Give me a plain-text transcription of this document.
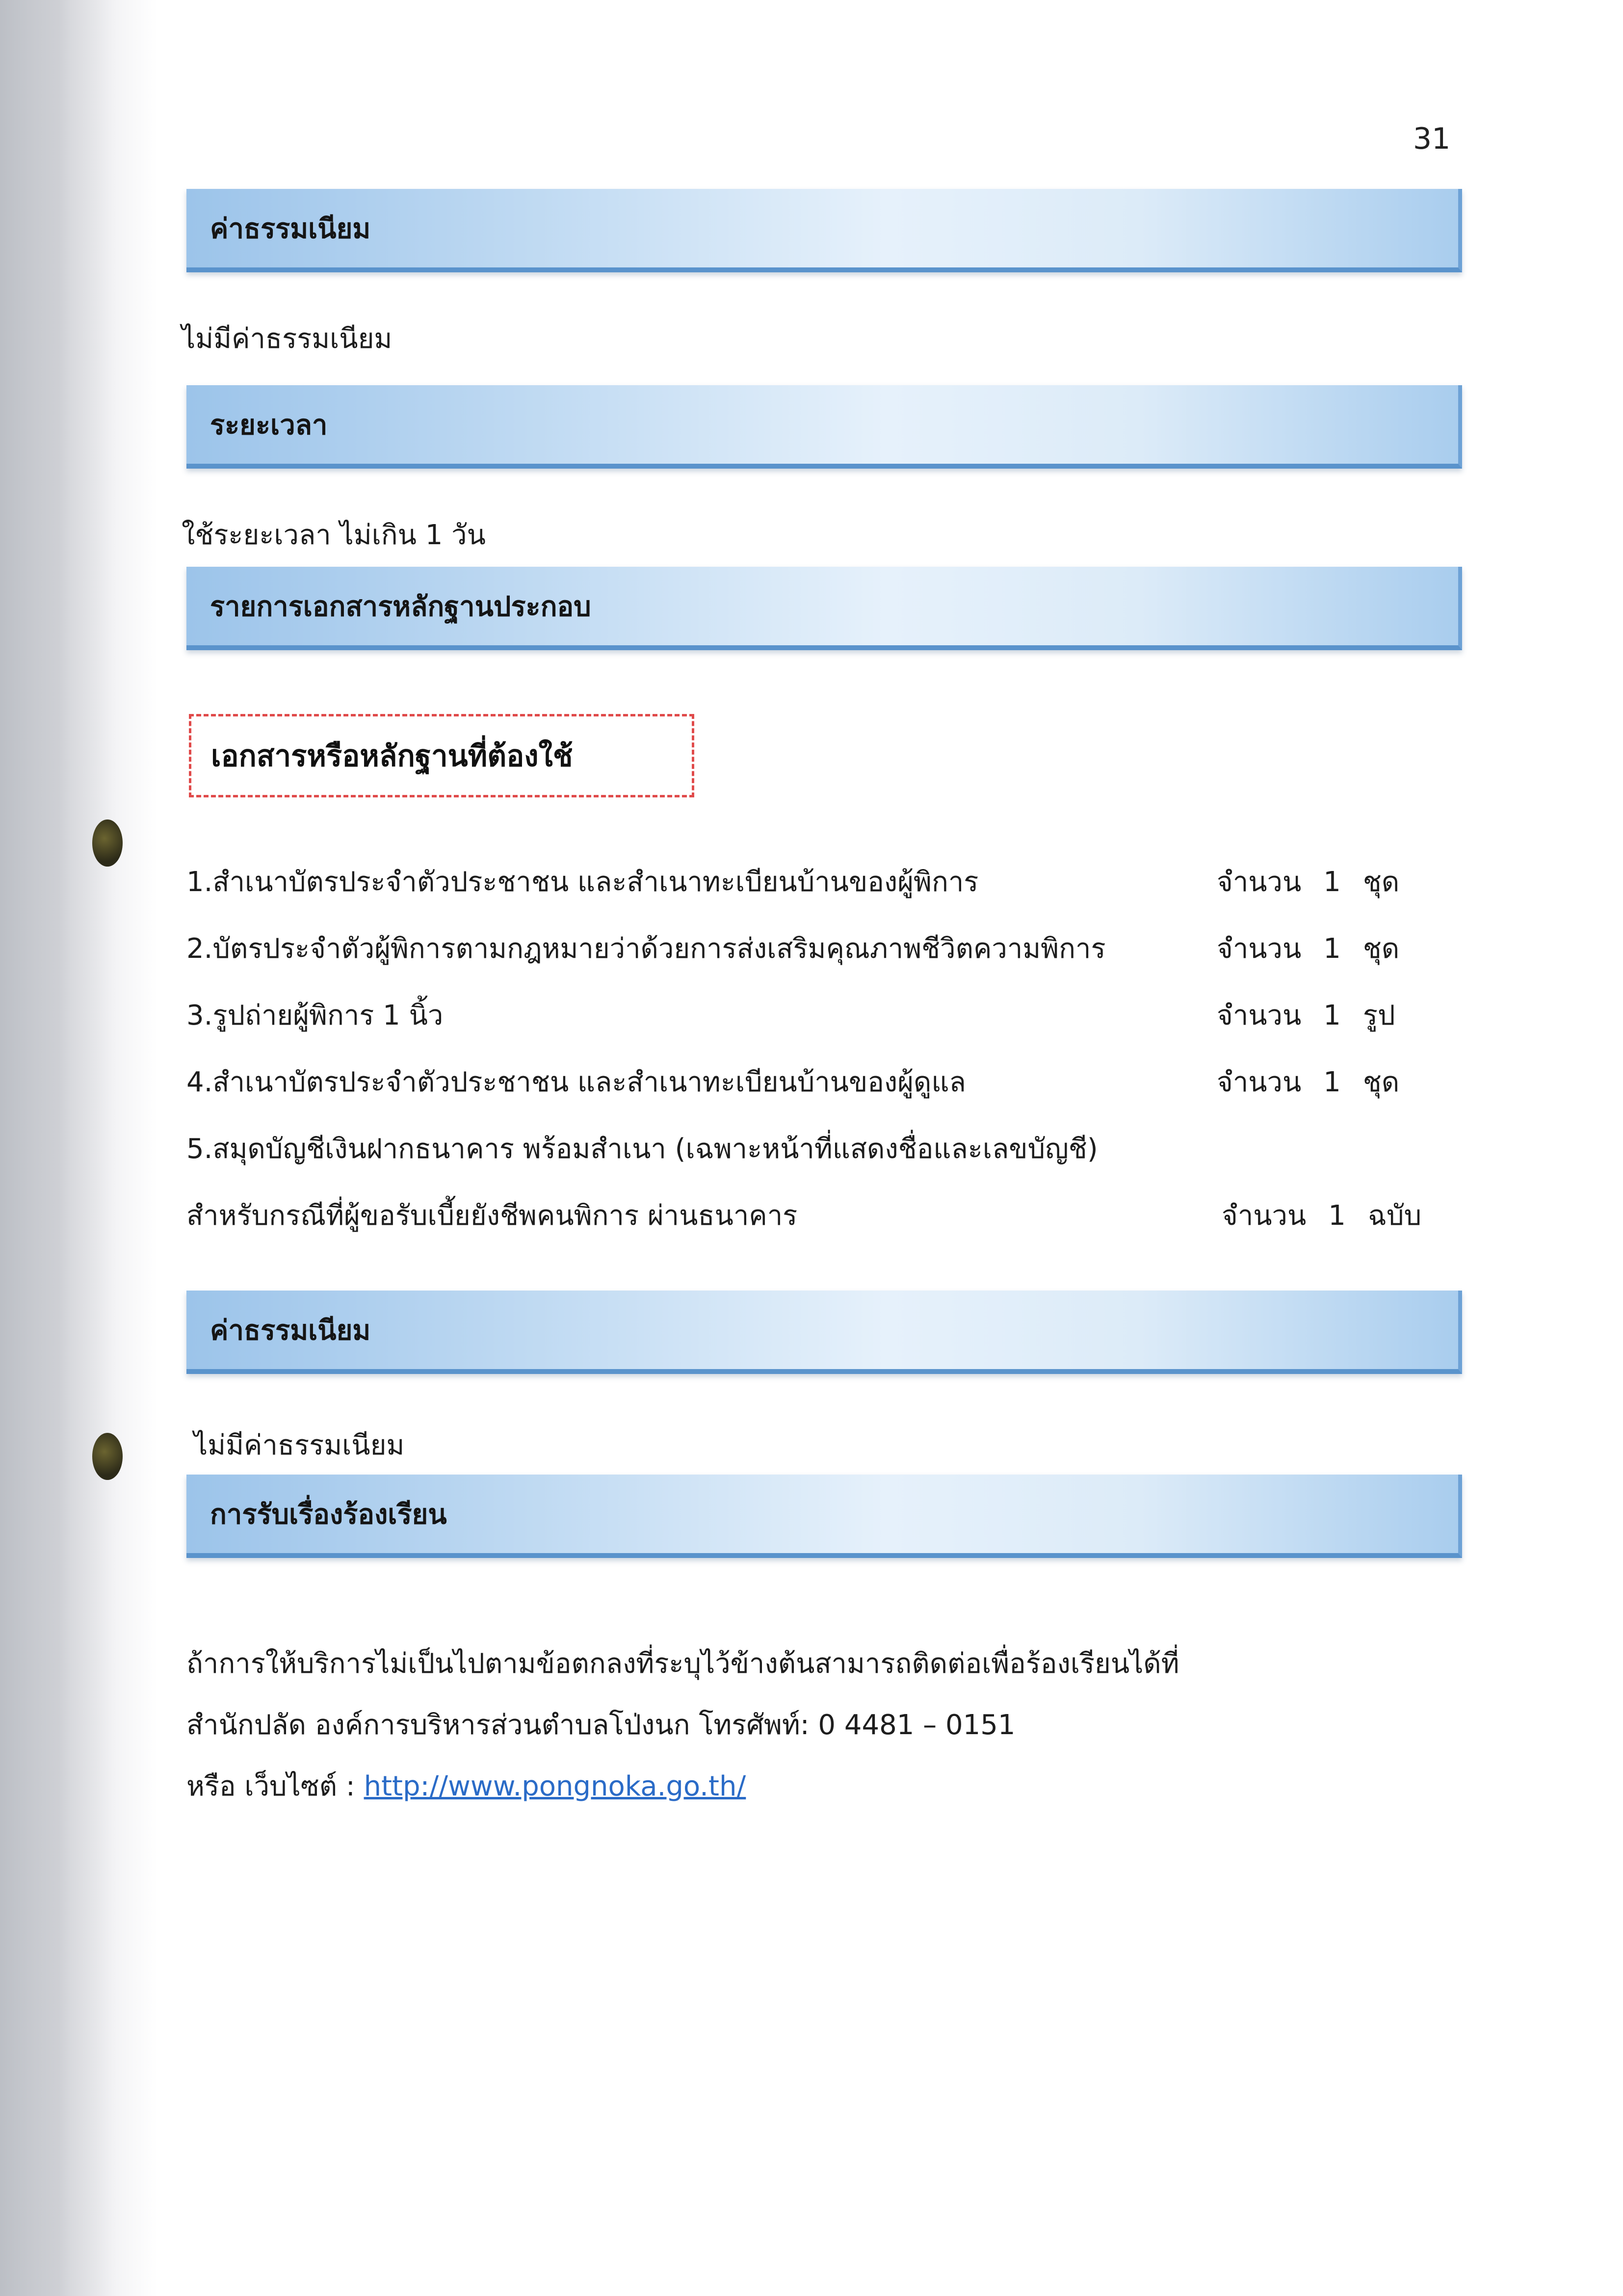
31
ค่าธรรมเนียม
ไม่มีค่าธรรมเนียม
ระยะเวลา
ใช้ระยะเวลา ไม่เกิน 1 วัน
รายการเอกสารหลักฐานประกอบ
เอกสารหรือหลักฐานที่ต้องใช้
1.สำเนาบัตรประจำตัวประชาชน และสำเนาทะเบียนบ้านของผู้พิการ	จำนวน 1 ชุด
2.บัตรประจำตัวผู้พิการตามกฎหมายว่าด้วยการส่งเสริมคุณภาพชีวิตความพิการ	จำนวน 1 ชุด
3.รูปถ่ายผู้พิการ 1 นิ้ว	จำนวน 1 รูป
4.สำเนาบัตรประจำตัวประชาชน และสำเนาทะเบียนบ้านของผู้ดูแล	จำนวน 1 ชุด
5.สมุดบัญชีเงินฝากธนาคาร พร้อมสำเนา (เฉพาะหน้าที่แสดงชื่อและเลขบัญชี)
สำหรับกรณีที่ผู้ขอรับเบี้ยยังชีพคนพิการ ผ่านธนาคาร	จำนวน 1 ฉบับ
ค่าธรรมเนียม
ไม่มีค่าธรรมเนียม
การรับเรื่องร้องเรียน
ถ้าการให้บริการไม่เป็นไปตามข้อตกลงที่ระบุไว้ข้างต้นสามารถติดต่อเพื่อร้องเรียนได้ที่
สำนักปลัด องค์การบริหารส่วนตำบลโป่งนก โทรศัพท์: 0 4481 – 0151
หรือ เว็บไซต์ : http://www.pongnoka.go.th/
